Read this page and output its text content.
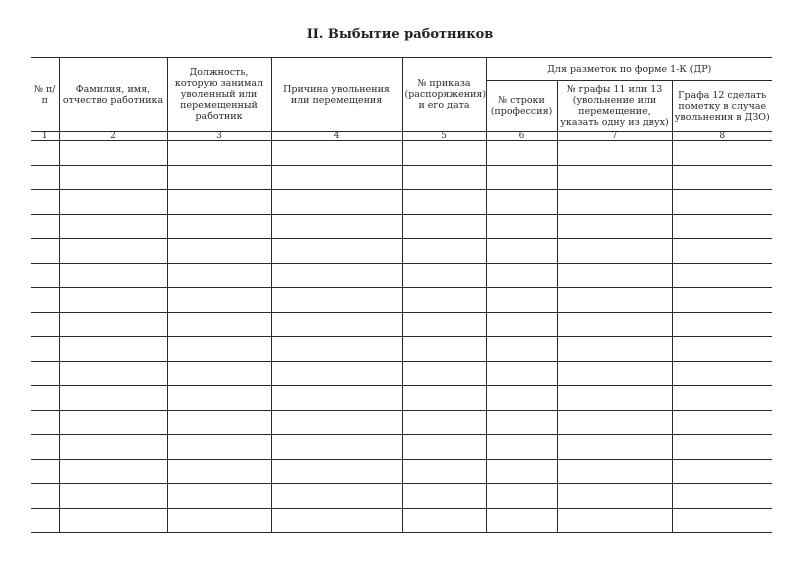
II. Выбытие работников
№ п/п	Фамилия, имя, отчество работника	Должность, которую занимал уволенный или перемещенный работник	Причина увольнения или перемещения	№ приказа (распоряжения) и его дата	Для разметок по форме 1-К (ДР)		
					№ строки (профессия)	№ графы 11 или 13 (увольнение или перемещение, указать одну из двух)	Графа 12 сделать пометку в случае увольнения в ДЗО)
1	2	3	4	5	6	7	8
